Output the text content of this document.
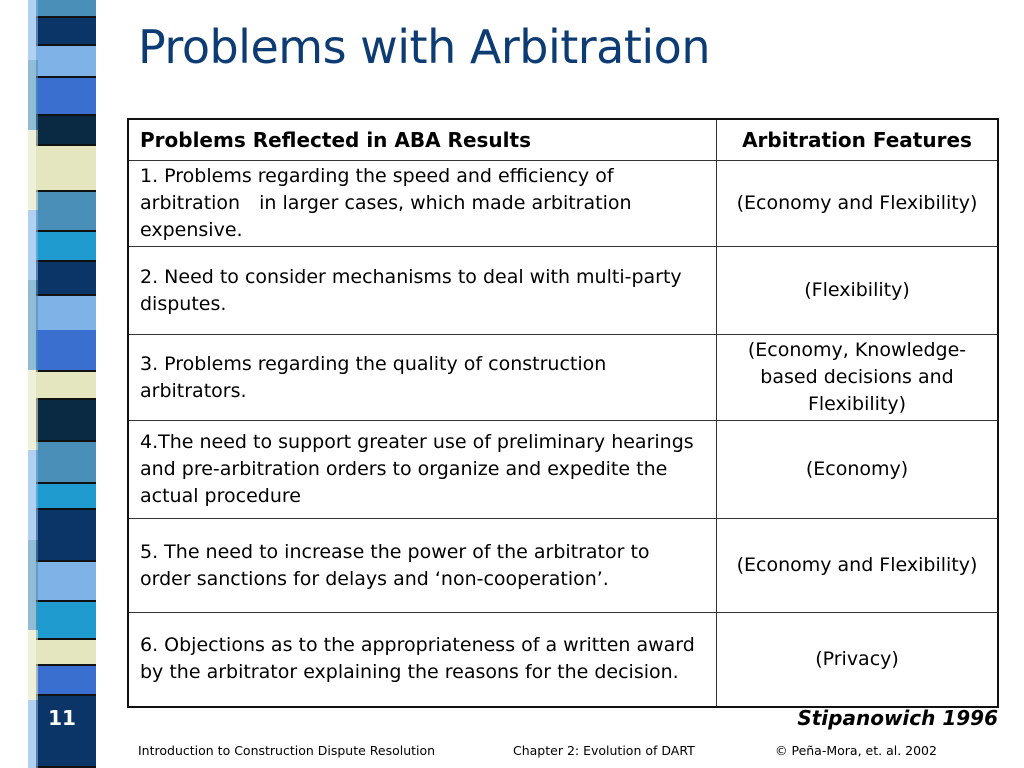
11
Problems with Arbitration
Problems Reflected in ABA Results	Arbitration Features
1. Problems regarding the speed and efficiency of arbitration in larger cases, which made arbitration expensive.	(Economy and Flexibility)
2. Need to consider mechanisms to deal with multi-party disputes.	(Flexibility)
3. Problems regarding the quality of construction arbitrators.	(Economy, Knowledge-based decisions and Flexibility)
4.The need to support greater use of preliminary hearings and pre-arbitration orders to organize and expedite the actual procedure	(Economy)
5. The need to increase the power of the arbitrator to order sanctions for delays and ‘non-cooperation’.	(Economy and Flexibility)
6. Objections as to the appropriateness of a written award by the arbitrator explaining the reasons for the decision.	(Privacy)
Stipanowich 1996
Introduction to Construction Dispute Resolution	Chapter 2: Evolution of DART	© Peña-Mora, et. al. 2002
